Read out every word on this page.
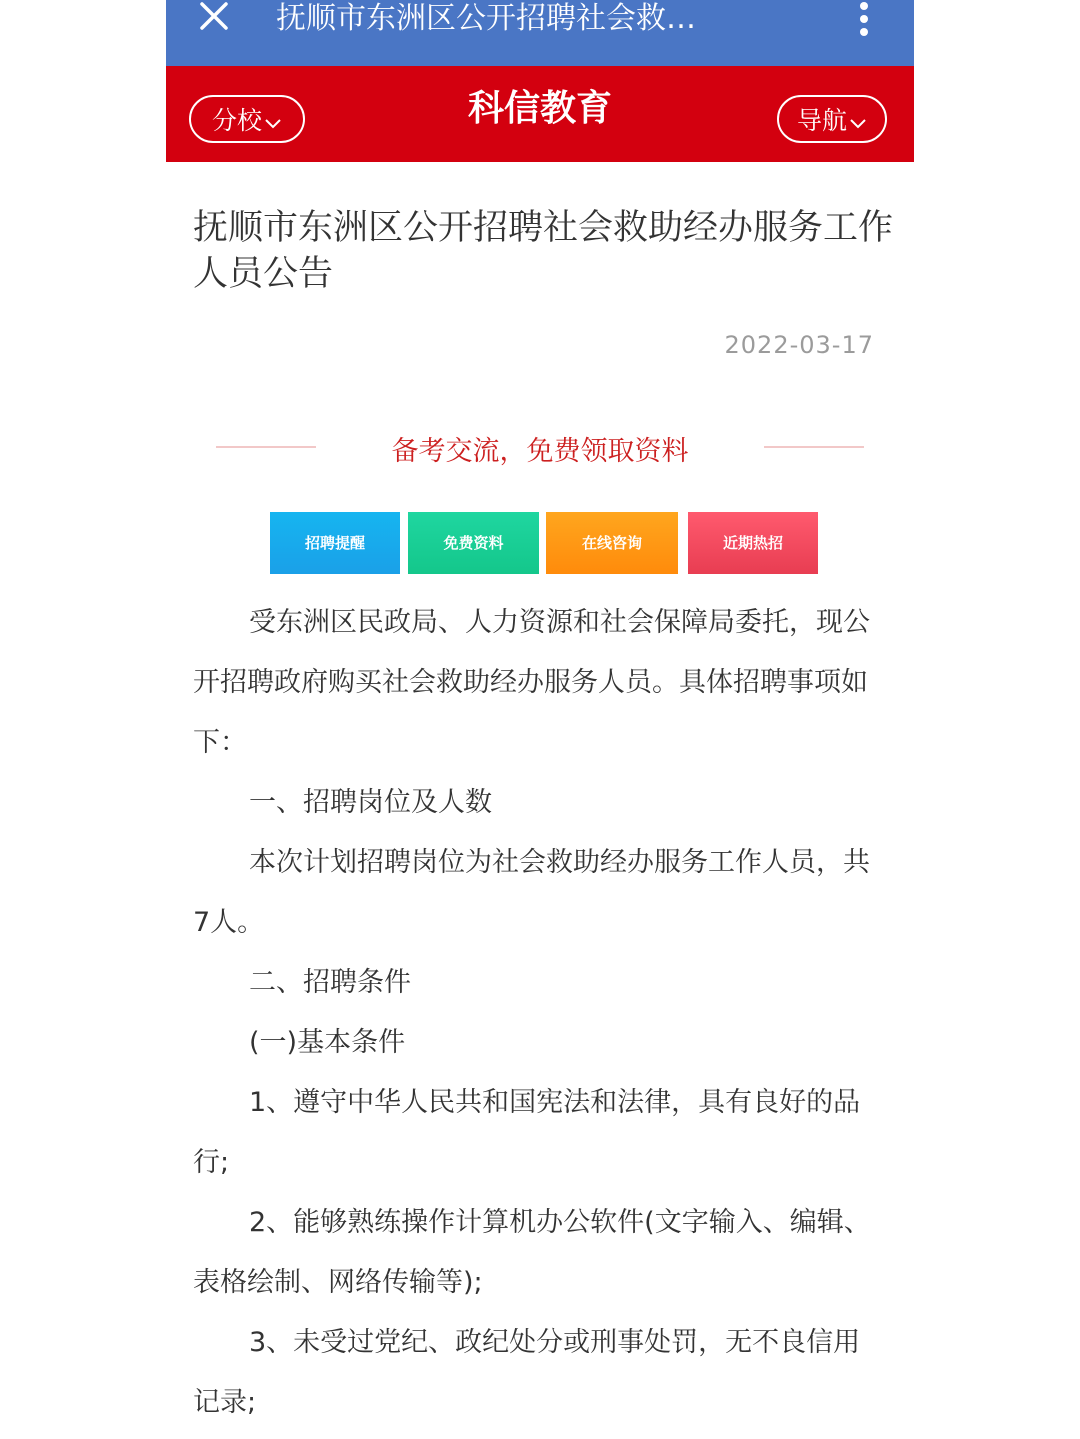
抚顺市东洲区公开招聘社会救…
分校	科信教育	导航
抚顺市东洲区公开招聘社会救助经办服务工作人员公告
2022-03-17
备考交流，免费领取资料
招聘提醒	免费资料	在线咨询	近期热招

受东洲区民政局、人力资源和社会保障局委托，现公开招聘政府购买社会救助经办服务人员。具体招聘事项如下：

一、招聘岗位及人数

本次计划招聘岗位为社会救助经办服务工作人员，共7人。

二、招聘条件

(一)基本条件

1、遵守中华人民共和国宪法和法律，具有良好的品行;

2、能够熟练操作计算机办公软件(文字输入、编辑、表格绘制、网络传输等);

3、未受过党纪、政纪处分或刑事处罚，无不良信用记录;
